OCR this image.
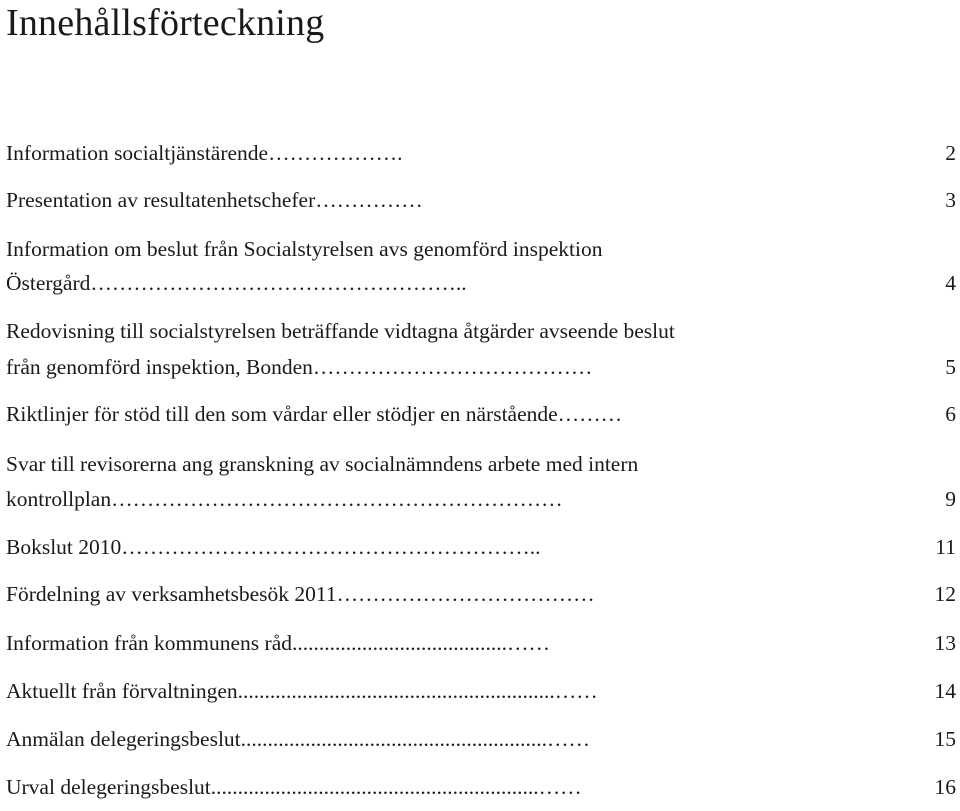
Innehållsförteckning
Information socialtjänstärende……………….	2
Presentation av resultatenhetschefer……………	3
Information om beslut från Socialstyrelsen avs genomförd inspektion
Östergård……………………………………………..	4
Redovisning till socialstyrelsen beträffande vidtagna åtgärder avseende beslut
från genomförd inspektion, Bonden…………………………………	5
Riktlinjer för stöd till den som vårdar eller stödjer en närstående………	6
Svar till revisorerna ang granskning av socialnämndens arbete med intern
kontrollplan………………………………………………………	9
Bokslut 2010…………………………………………………..	11
Fördelning av verksamhetsbesök 2011………………………………	12
Information från kommunens råd........................................……	13
Aktuellt från förvaltningen...........................................................……	14
Anmälan delegeringsbeslut.........................................................……	15
Urval delegeringsbeslut.............................................................……	16
